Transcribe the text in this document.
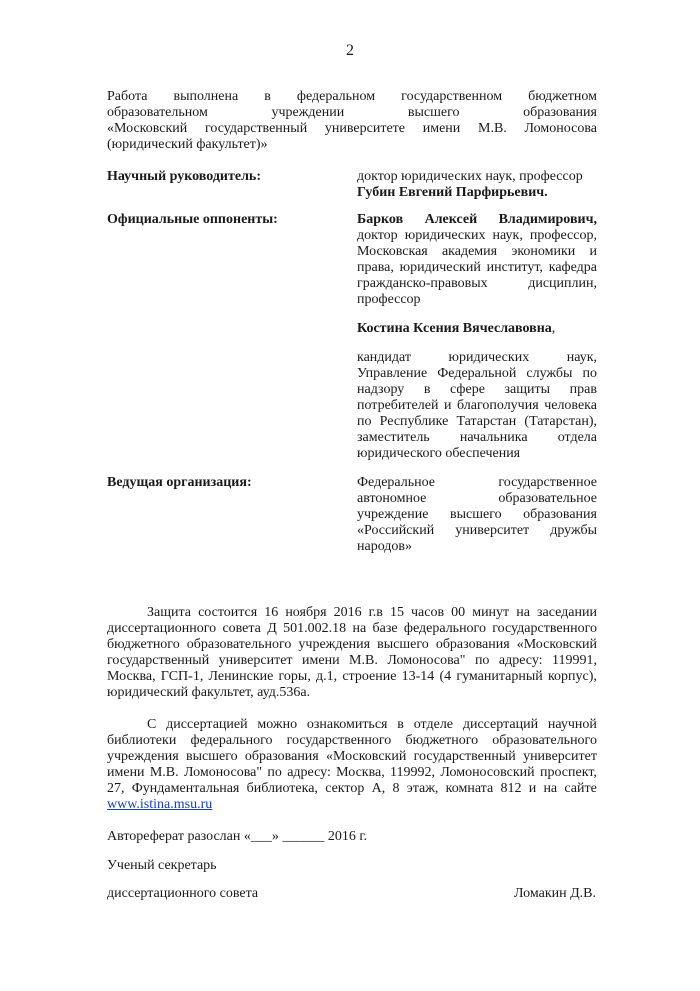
2
Работа выполнена в федеральном государственном бюджетном
образовательном	учреждении	высшего	образования
«Московский государственный университете имени М.В. Ломоносова
(юридический факультет)»
Научный руководитель:	доктор юридических наук, профессор
Губин Евгений Парфирьевич.
Официальные оппоненты:	Барков Алексей Владимирович,
доктор юридических наук, профессор,
Московская академия экономики и
права, юридический институт, кафедра
гражданско-правовых	дисциплин,
профессор
Костина Ксения Вячеславовна,
кандидат	юридических	наук,
Управление Федеральной службы по
надзору в сфере защиты прав
потребителей и благополучия человека
по Республике Татарстан (Татарстан),
заместитель начальника отдела
юридического обеспечения
Ведущая организация:	Федеральное	государственное
автономное	образовательное
учреждение высшего образования
«Российский университет дружбы
народов»
Защита состоится 16 ноября 2016 г.в 15 часов 00 минут на заседании
диссертационного совета Д 501.002.18 на базе федерального государственного
бюджетного образовательного учреждения высшего образования «Московский
государственный университет имени М.В. Ломоносова" по адресу: 119991,
Москва, ГСП-1, Ленинские горы, д.1, строение 13-14 (4 гуманитарный корпус),
юридический факультет, ауд.536а.
С диссертацией можно ознакомиться в отделе диссертаций научной
библиотеки федерального государственного бюджетного образовательного
учреждения высшего образования «Московский государственный университет
имени М.В. Ломоносова" по адресу: Москва, 119992, Ломоносовский проспект,
27, Фундаментальная библиотека, сектор А, 8 этаж, комната 812 и на сайте
www.istina.msu.ru
Автореферат разослан «___» ______ 2016 г.
Ученый секретарь
диссертационного совета	Ломакин Д.В.
